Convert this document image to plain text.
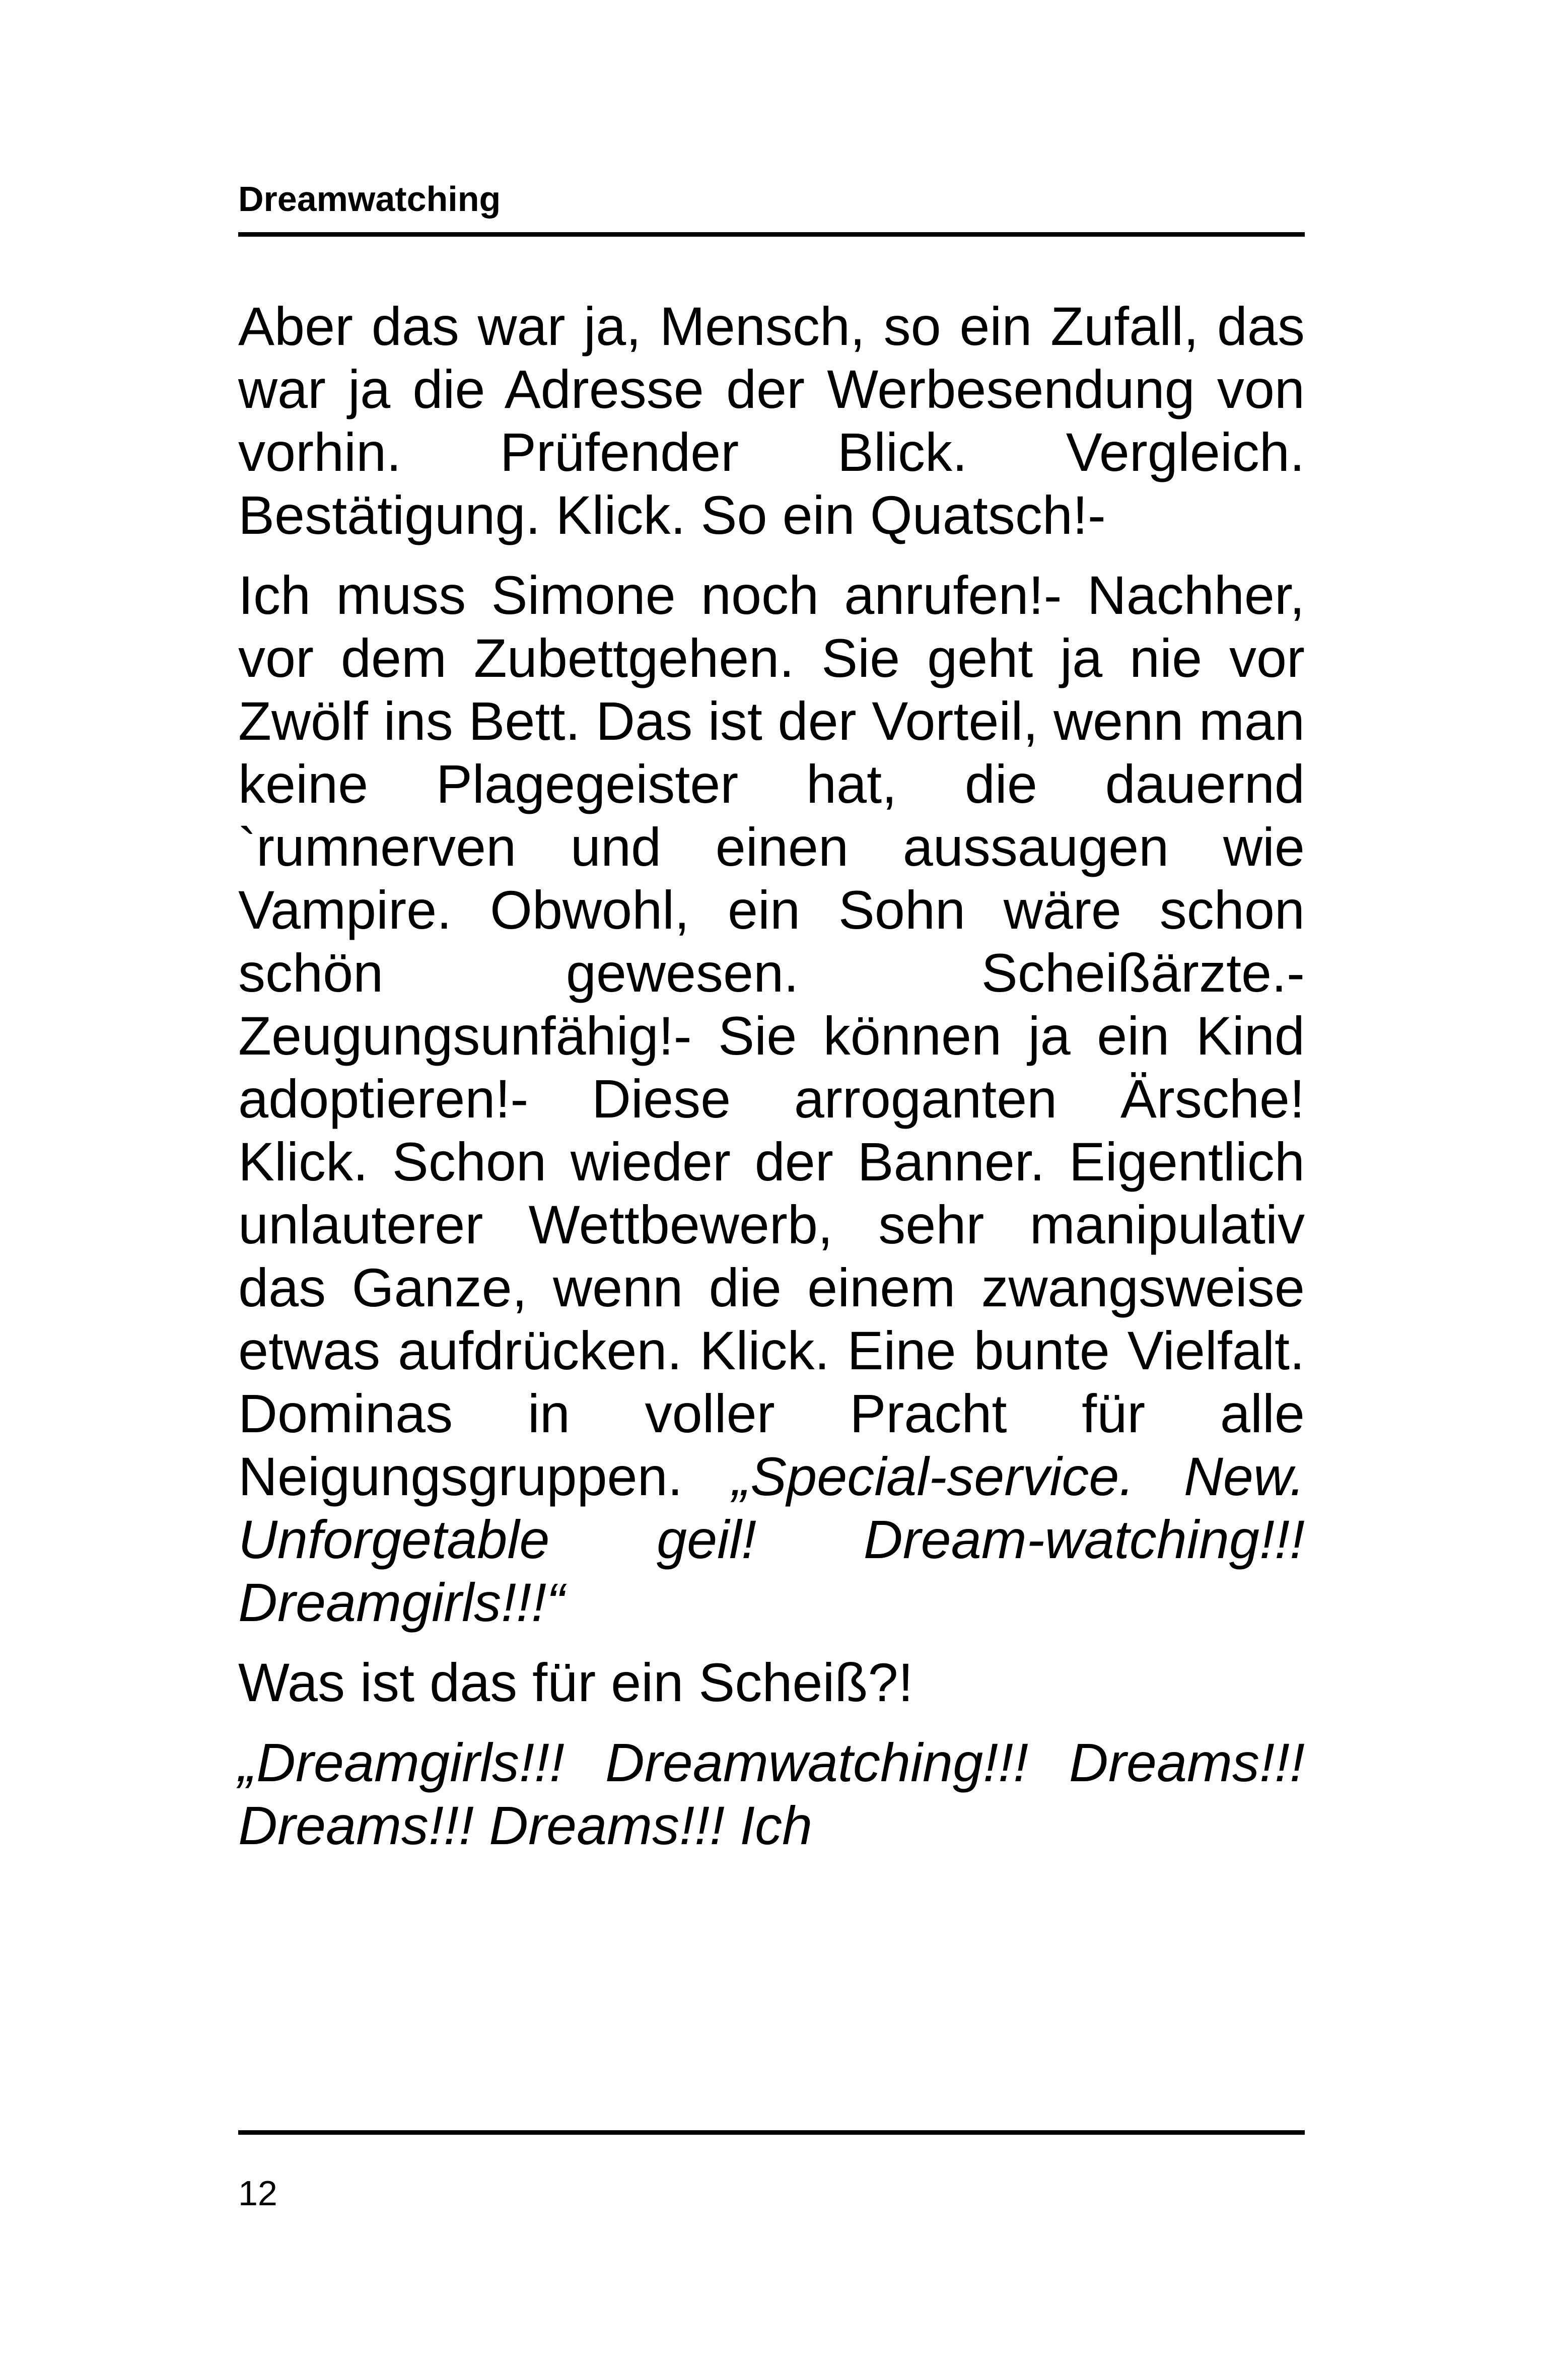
Dreamwatching

Aber das war ja, Mensch, so ein Zufall, das war ja die Adresse der Werbesendung von vorhin. Prüfender Blick. Vergleich. Bestätigung. Klick. So ein Quatsch!-

Ich muss Simone noch anrufen!- Nachher, vor dem Zubettgehen. Sie geht ja nie vor Zwölf ins Bett. Das ist der Vorteil, wenn man keine Plagegeister hat, die dauernd `rumnerven und einen aussaugen wie Vampire. Obwohl, ein Sohn wäre schon schön gewesen. Scheißärzte.- Zeugungsunfähig!- Sie können ja ein Kind adoptieren!- Diese arroganten Ärsche! Klick. Schon wieder der Banner. Eigentlich unlauterer Wettbewerb, sehr manipulativ das Ganze, wenn die einem zwangsweise etwas aufdrücken. Klick. Eine bunte Vielfalt. Dominas in voller Pracht für alle Neigungsgruppen. „Special-service. New. Unforgetable geil! Dream-watching!!! Dreamgirls!!!“

Was ist das für ein Scheiß?!

„Dreamgirls!!! Dreamwatching!!! Dreams!!! Dreams!!! Dreams!!! Ich

12
